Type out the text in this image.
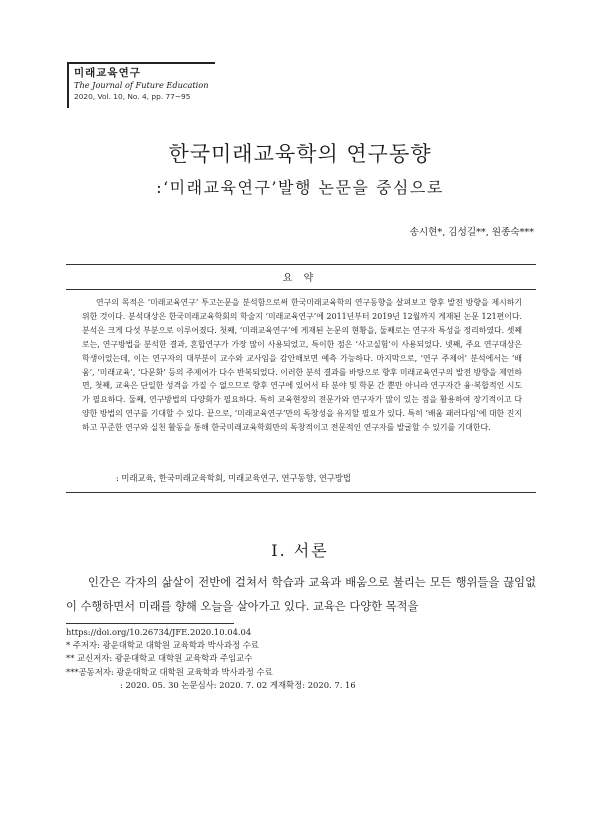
미래교육연구
The Journal of Future Education
2020, Vol. 10, No. 4, pp. 77~95
한국미래교육학의 연구동향
:‘미래교육연구’발행 논문을 중심으로
송시현*, 김성길**, 원종숙***
요 약

연구의 목적은 ‘미래교육연구’ 투고논문을 분석함으로써 한국미래교육학의 연구동향을 살펴보고 향후 발전 방향을 제시하기 위한 것이다. 분석대상은 한국미래교육학회의 학술지 ‘미래교육연구’에 2011년부터 2019년 12월까지 게재된 논문 121편이다. 분석은 크게 다섯 부분으로 이루어졌다. 첫째, ‘미래교육연구’에 게재된 논문의 현황을, 둘째로는 연구자 특성을 정리하였다. 셋째로는, 연구방법을 분석한 결과, 혼합연구가 가장 많이 사용되었고, 특이한 점은 ‘사고실험’이 사용되었다. 넷째, 주요 연구대상은 학생이었는데, 이는 연구자의 대부분이 교수와 교사임을 감안해보면 예측 가능하다. 마지막으로, ‘연구 주제어’ 분석에서는 ‘배움’, ‘미래교육’, ‘다문화’ 등의 주제어가 다수 반복되었다. 이러한 분석 결과를 바탕으로 향후 미래교육연구의 발전 방향을 제언하면, 첫째, 교육은 단일한 성격을 가질 수 없으므로 향후 연구에 있어서 타 분야 및 학문 간 뿐만 아니라 연구자간 융·복합적인 시도가 필요하다. 둘째, 연구방법의 다양화가 필요하다. 특히 교육현장의 전문가와 연구자가 많이 있는 점을 활용하여 장기적이고 다양한 방법의 연구를 기대할 수 있다. 끝으로, ‘미래교육연구’만의 독창성을 유지할 필요가 있다. 특히 ‘배움 패러다임’에 대한 진지하고 꾸준한 연구와 실천 활동을 통해 한국미래교육학회만의 독창적이고 전문적인 연구자를 발굴할 수 있기를 기대한다.

: 미래교육, 한국미래교육학회, 미래교육연구, 연구동향, 연구방법
Ⅰ. 서론

인간은 각자의 삶살이 전반에 걸쳐서 학습과 교육과 배움으로 불리는 모든 행위들을 끊임없이 수행하면서 미래를 향해 오늘을 살아가고 있다. 교육은 다양한 목적을

https://doi.org/10.26734/JFE.2020.10.04.04
* 주저자: 광운대학교 대학원 교육학과 박사과정 수료
** 교신저자: 광운대학교 대학원 교육학과 주임교수
***공동저자: 광운대학교 대학원 교육학과 박사과정 수료
: 2020. 05. 30 논문심사: 2020. 7. 02 게재확정: 2020. 7. 16
